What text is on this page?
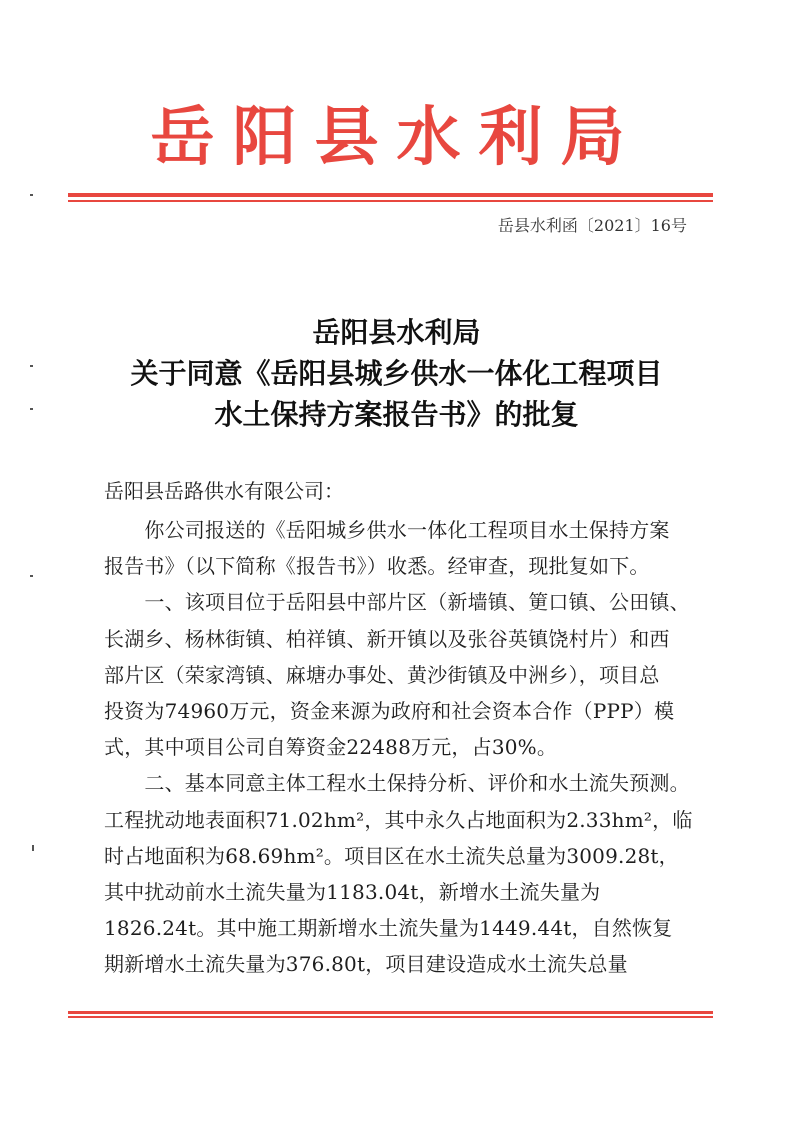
岳阳县水利局
岳县水利函〔2021〕16号
岳阳县水利局
关于同意《岳阳县城乡供水一体化工程项目
水土保持方案报告书》的批复
岳阳县岳路供水有限公司：
　　你公司报送的《岳阳城乡供水一体化工程项目水土保持方案
报告书》（以下简称《报告书》）收悉。经审查，现批复如下。
　　一、该项目位于岳阳县中部片区（新墙镇、筻口镇、公田镇、
长湖乡、杨林街镇、柏祥镇、新开镇以及张谷英镇饶村片）和西
部片区（荣家湾镇、麻塘办事处、黄沙街镇及中洲乡），项目总
投资为74960万元，资金来源为政府和社会资本合作（PPP）模
式，其中项目公司自筹资金22488万元，占30%。
　　二、基本同意主体工程水土保持分析、评价和水土流失预测。
工程扰动地表面积71.02hm²，其中永久占地面积为2.33hm²，临
时占地面积为68.69hm²。项目区在水土流失总量为3009.28t，
其中扰动前水土流失量为1183.04t，新增水土流失量为
1826.24t。其中施工期新增水土流失量为1449.44t，自然恢复
期新增水土流失量为376.80t，项目建设造成水土流失总量
